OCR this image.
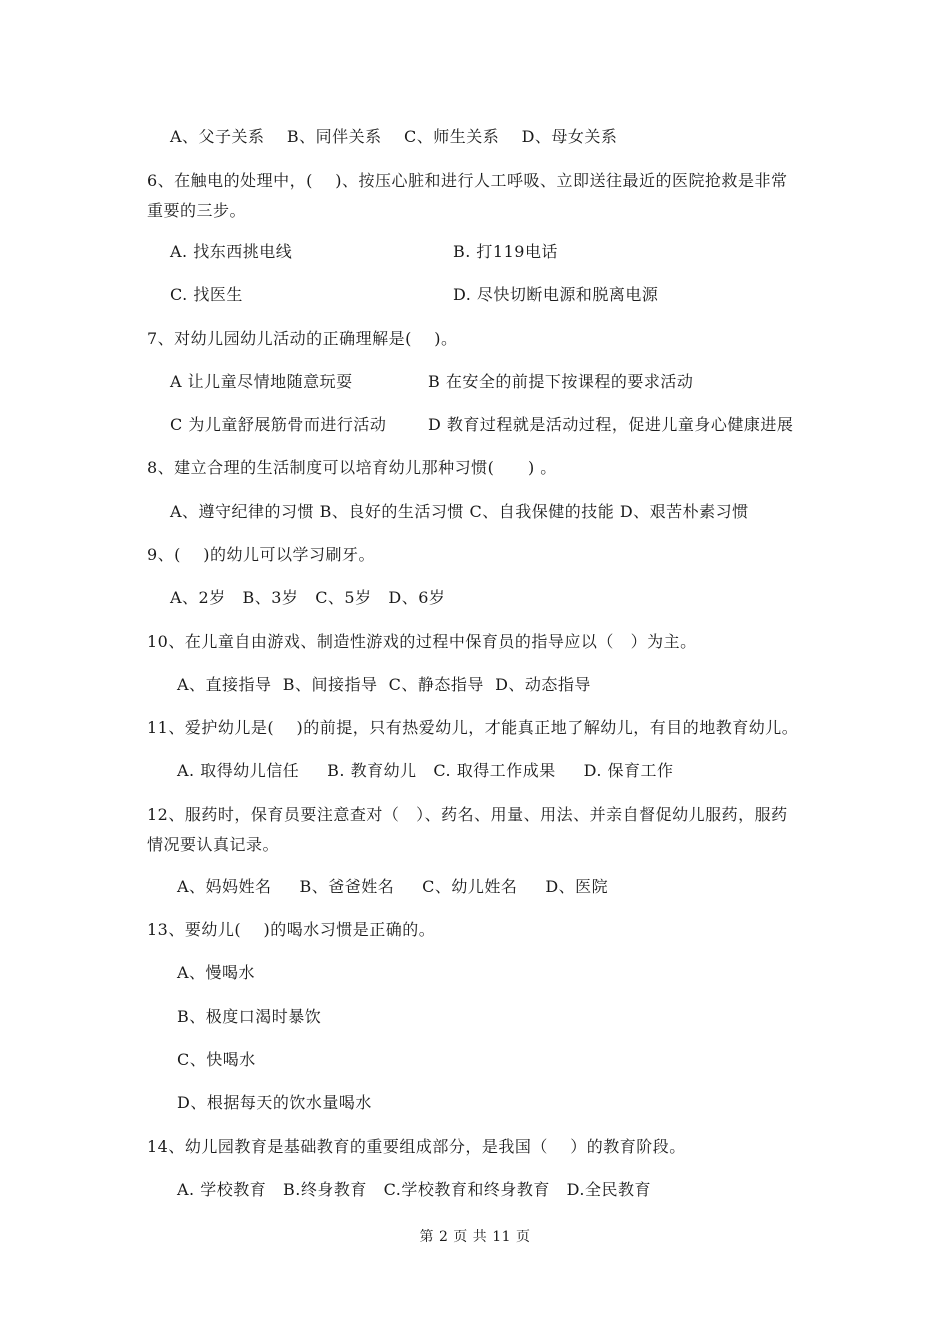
A、父子关系    B、同伴关系    C、师生关系    D、母女关系
6、在触电的处理中，(    )、按压心脏和进行人工呼吸、立即送往最近的医院抢救是非常
重要的三步。
A. 找东西挑电线	B. 打119电话
C. 找医生	D. 尽快切断电源和脱离电源
7、对幼儿园幼儿活动的正确理解是(    )。
A 让儿童尽情地随意玩耍	B 在安全的前提下按课程的要求活动
C 为儿童舒展筋骨而进行活动	D 教育过程就是活动过程，促进儿童身心健康进展
8、建立合理的生活制度可以培育幼儿那种习惯(      ) 。
A、遵守纪律的习惯 B、良好的生活习惯 C、自我保健的技能 D、艰苦朴素习惯
9、(    )的幼儿可以学习刷牙。
A、2岁   B、3岁   C、5岁   D、6岁
10、在儿童自由游戏、制造性游戏的过程中保育员的指导应以（   ）为主。
A、直接指导  B、间接指导  C、静态指导  D、动态指导
11、爱护幼儿是(    )的前提，只有热爱幼儿，才能真正地了解幼儿，有目的地教育幼儿。
A. 取得幼儿信任     B. 教育幼儿   C. 取得工作成果     D. 保育工作
12、服药时，保育员要注意查对（   ）、药名、用量、用法、并亲自督促幼儿服药，服药
情况要认真记录。
A、妈妈姓名     B、爸爸姓名     C、幼儿姓名     D、医院
13、要幼儿(    )的喝水习惯是正确的。
A、慢喝水
B、极度口渴时暴饮
C、快喝水
D、根据每天的饮水量喝水
14、幼儿园教育是基础教育的重要组成部分，是我国（    ）的教育阶段。
A. 学校教育   B.终身教育   C.学校教育和终身教育   D.全民教育
第 2 页 共 11 页
